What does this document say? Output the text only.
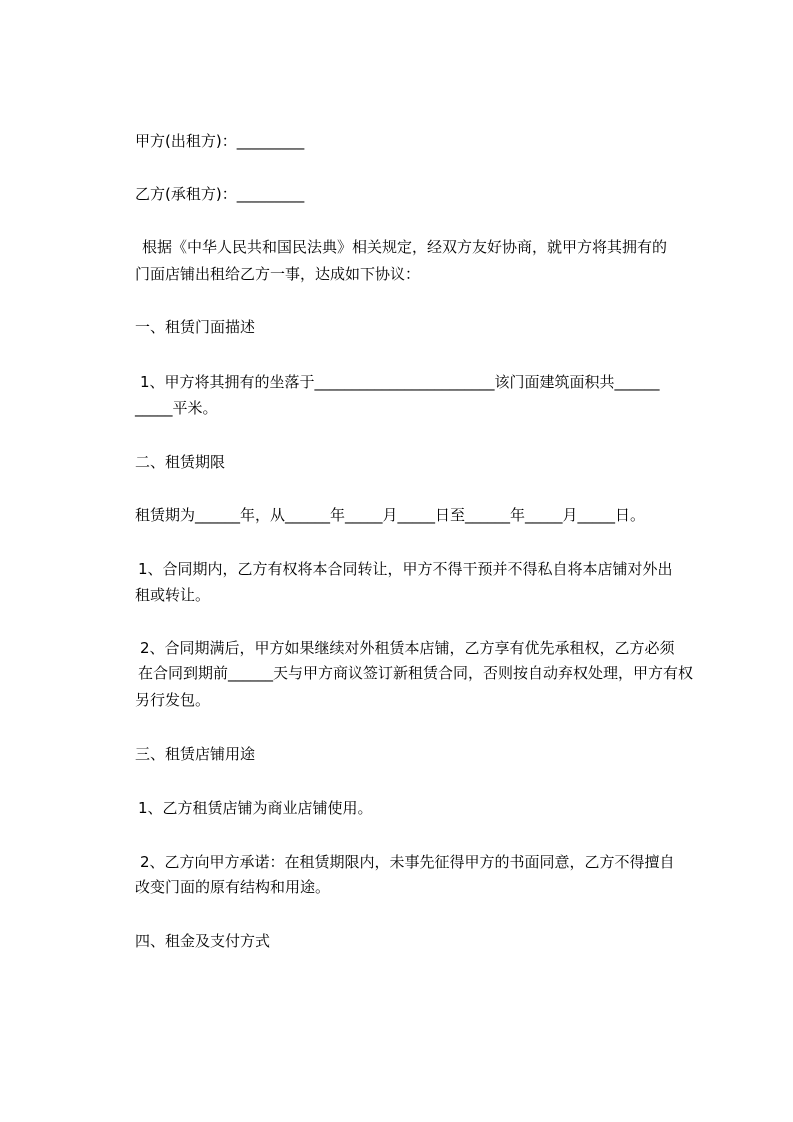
甲方(出租方)：_________
乙方(承租方)：_________
根据《中华人民共和国民法典》相关规定，经双方友好协商，就甲方将其拥有的
门面店铺出租给乙方一事，达成如下协议：
一、租赁门面描述
1、甲方将其拥有的坐落于________________________该门面建筑面积共______
_____平米。
二、租赁期限
租赁期为______年，从______年_____月_____日至______年_____月_____日。
1、合同期内，乙方有权将本合同转让，甲方不得干预并不得私自将本店铺对外出
租或转让。
2、合同期满后，甲方如果继续对外租赁本店铺，乙方享有优先承租权，乙方必须
在合同到期前______天与甲方商议签订新租赁合同，否则按自动弃权处理，甲方有权
另行发包。
三、租赁店铺用途
1、乙方租赁店铺为商业店铺使用。
2、乙方向甲方承诺：在租赁期限内，未事先征得甲方的书面同意，乙方不得擅自
改变门面的原有结构和用途。
四、租金及支付方式
